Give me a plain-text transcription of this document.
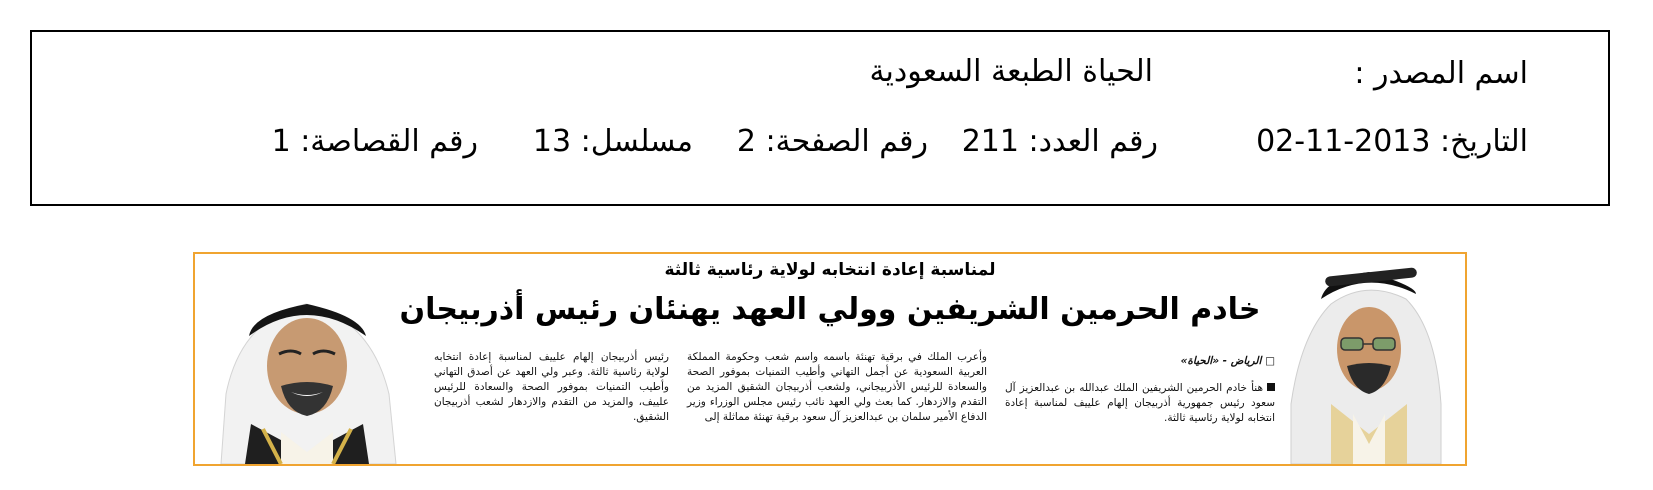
اسم المصدر :
الحياة الطبعة السعودية
التاريخ: 2013-11-02
رقم العدد: 211
رقم الصفحة: 2
مسلسل: 13
رقم القصاصة: 1
لمناسبة إعادة انتخابه لولاية رئاسية ثالثة
خادم الحرمين الشريفين وولي العهد يهنئان رئيس أذربيجان
□ الرياض - «الحياة»
هنأ خادم الحرمين الشريفين الملك عبدالله بن عبدالعزيز آل سعود رئيس جمهورية أذربيجان إلهام علييف لمناسبة إعادة انتخابه لولاية رئاسية ثالثة.
وأعرب الملك في برقية تهنئة باسمه واسم شعب وحكومة المملكة العربية السعودية عن أجمل التهاني وأطيب التمنيات بموفور الصحة والسعادة للرئيس الأذربيجاني، ولشعب أذربيجان الشقيق المزيد من التقدم والازدهار. كما بعث ولي العهد نائب رئيس مجلس الوزراء وزير الدفاع الأمير سلمان بن عبدالعزيز آل سعود برقية تهنئة مماثلة إلى
رئيس أذربيجان إلهام علييف لمناسبة إعادة انتخابه لولاية رئاسية ثالثة. وعبر ولي العهد عن أصدق التهاني وأطيب التمنيات بموفور الصحة والسعادة للرئيس علييف، والمزيد من التقدم والازدهار لشعب أذربيجان الشقيق.
